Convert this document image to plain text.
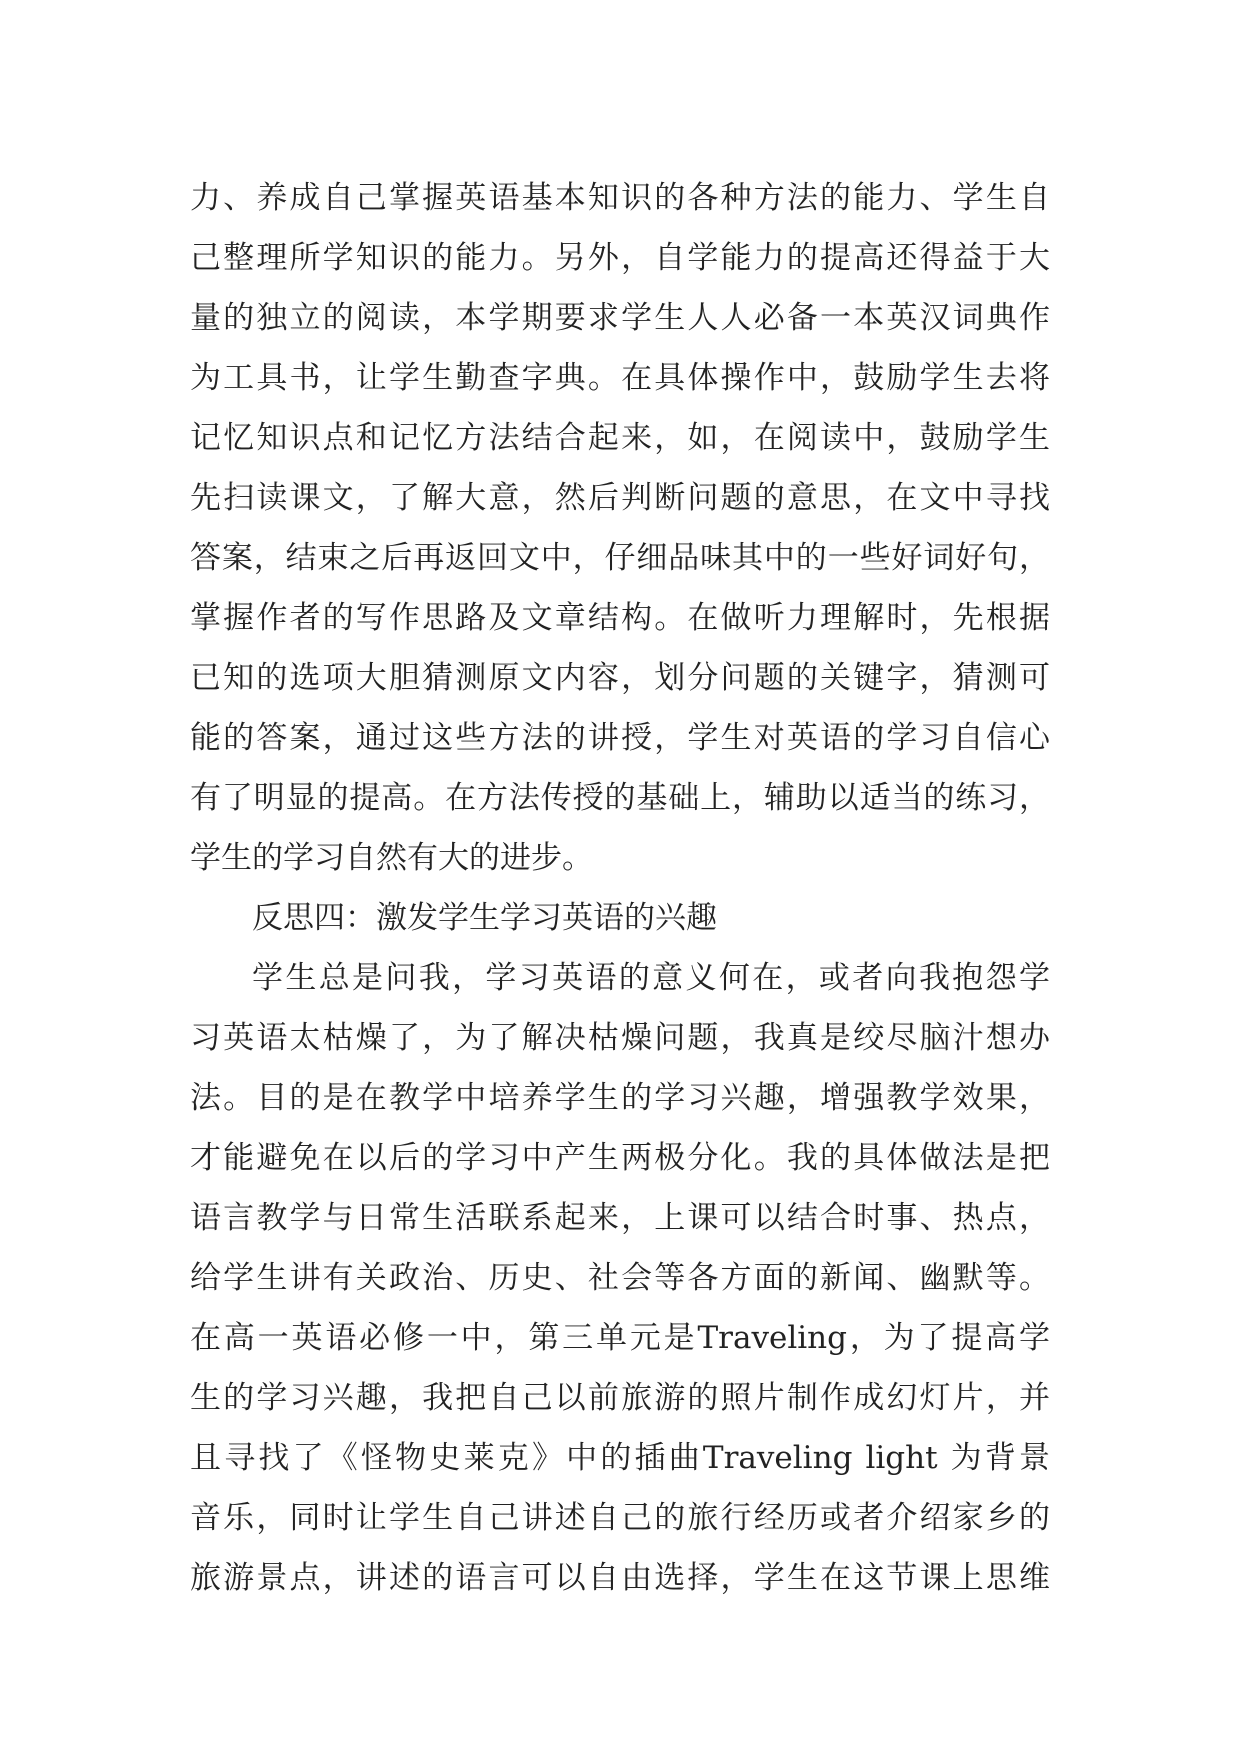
力、养成自己掌握英语基本知识的各种方法的能力、学生自
己整理所学知识的能力。另外，自学能力的提高还得益于大
量的独立的阅读，本学期要求学生人人必备一本英汉词典作
为工具书，让学生勤查字典。在具体操作中，鼓励学生去将
记忆知识点和记忆方法结合起来，如，在阅读中，鼓励学生
先扫读课文，了解大意，然后判断问题的意思，在文中寻找
答案，结束之后再返回文中，仔细品味其中的一些好词好句，
掌握作者的写作思路及文章结构。在做听力理解时，先根据
已知的选项大胆猜测原文内容，划分问题的关键字，猜测可
能的答案，通过这些方法的讲授，学生对英语的学习自信心
有了明显的提高。在方法传授的基础上，辅助以适当的练习，
学生的学习自然有大的进步。
反思四：激发学生学习英语的兴趣
学生总是问我，学习英语的意义何在，或者向我抱怨学
习英语太枯燥了，为了解决枯燥问题，我真是绞尽脑汁想办
法。目的是在教学中培养学生的学习兴趣，增强教学效果，
才能避免在以后的学习中产生两极分化。我的具体做法是把
语言教学与日常生活联系起来，上课可以结合时事、热点，
给学生讲有关政治、历史、社会等各方面的新闻、幽默等。
在高一英语必修一中，第三单元是Traveling，为了提高学
生的学习兴趣，我把自己以前旅游的照片制作成幻灯片，并
且寻找了《怪物史莱克》中的插曲Traveling light 为背景
音乐，同时让学生自己讲述自己的旅行经历或者介绍家乡的
旅游景点，讲述的语言可以自由选择，学生在这节课上思维
